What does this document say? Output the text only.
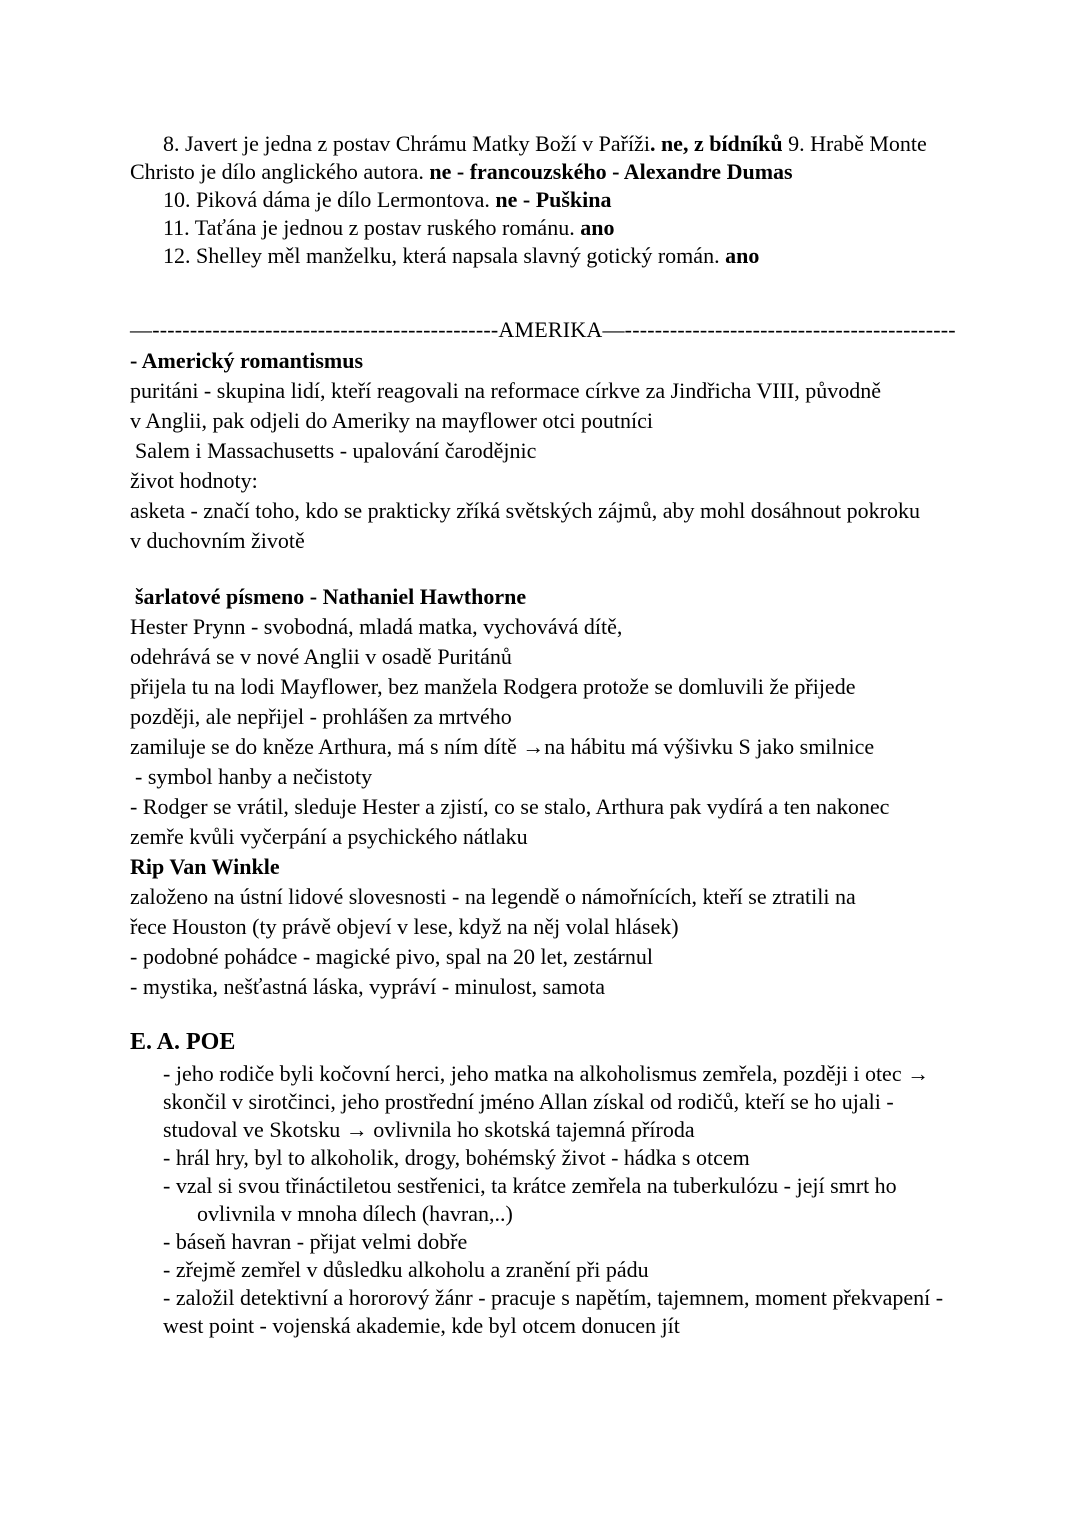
8. Javert je jedna z postav Chrámu Matky Boží v Paříži. ne, z bídníků 9. Hrabě Monte
Christo je dílo anglického autora. ne - francouzského - Alexandre Dumas
10. Piková dáma je dílo Lermontova. ne - Puškina
11. Taťána je jednou z postav ruského románu. ano
12. Shelley měl manželku, která napsala slavný gotický román. ano
—----------------------------------------------AMERIKA—--------------------------------------------
- Americký romantismus
puritáni - skupina lidí, kteří reagovali na reformace církve za Jindřicha VIII, původně
v Anglii, pak odjeli do Ameriky na mayflower otci poutníci
Salem i Massachusetts - upalování čarodějnic
život hodnoty:
asketa - značí toho, kdo se prakticky zříká světských zájmů, aby mohl dosáhnout pokroku
v duchovním životě
šarlatové písmeno - Nathaniel Hawthorne
Hester Prynn - svobodná, mladá matka, vychovává dítě,
odehrává se v nové Anglii v osadě Puritánů
přijela tu na lodi Mayflower, bez manžela Rodgera protože se domluvili že přijede
později, ale nepřijel - prohlášen za mrtvého
zamiluje se do kněze Arthura, má s ním dítě →na hábitu má výšivku S jako smilnice
- symbol hanby a nečistoty
- Rodger se vrátil, sleduje Hester a zjistí, co se stalo, Arthura pak vydírá a ten nakonec
zemře kvůli vyčerpání a psychického nátlaku
Rip Van Winkle
založeno na ústní lidové slovesnosti - na legendě o námořnících, kteří se ztratili na
řece Houston (ty právě objeví v lese, když na něj volal hlásek)
- podobné pohádce - magické pivo, spal na 20 let, zestárnul
- mystika, nešťastná láska, vypráví - minulost, samota
E. A. POE
- jeho rodiče byli kočovní herci, jeho matka na alkoholismus zemřela, později i otec →
skončil v sirotčinci, jeho prostřední jméno Allan získal od rodičů, kteří se ho ujali -
studoval ve Skotsku → ovlivnila ho skotská tajemná příroda
- hrál hry, byl to alkoholik, drogy, bohémský život - hádka s otcem
- vzal si svou třináctiletou sestřenici, ta krátce zemřela na tuberkulózu - její smrt ho
ovlivnila v mnoha dílech (havran,..)
- báseň havran - přijat velmi dobře
- zřejmě zemřel v důsledku alkoholu a zranění při pádu
- založil detektivní a hororový žánr - pracuje s napětím, tajemnem, moment překvapení -
west point - vojenská akademie, kde byl otcem donucen jít
